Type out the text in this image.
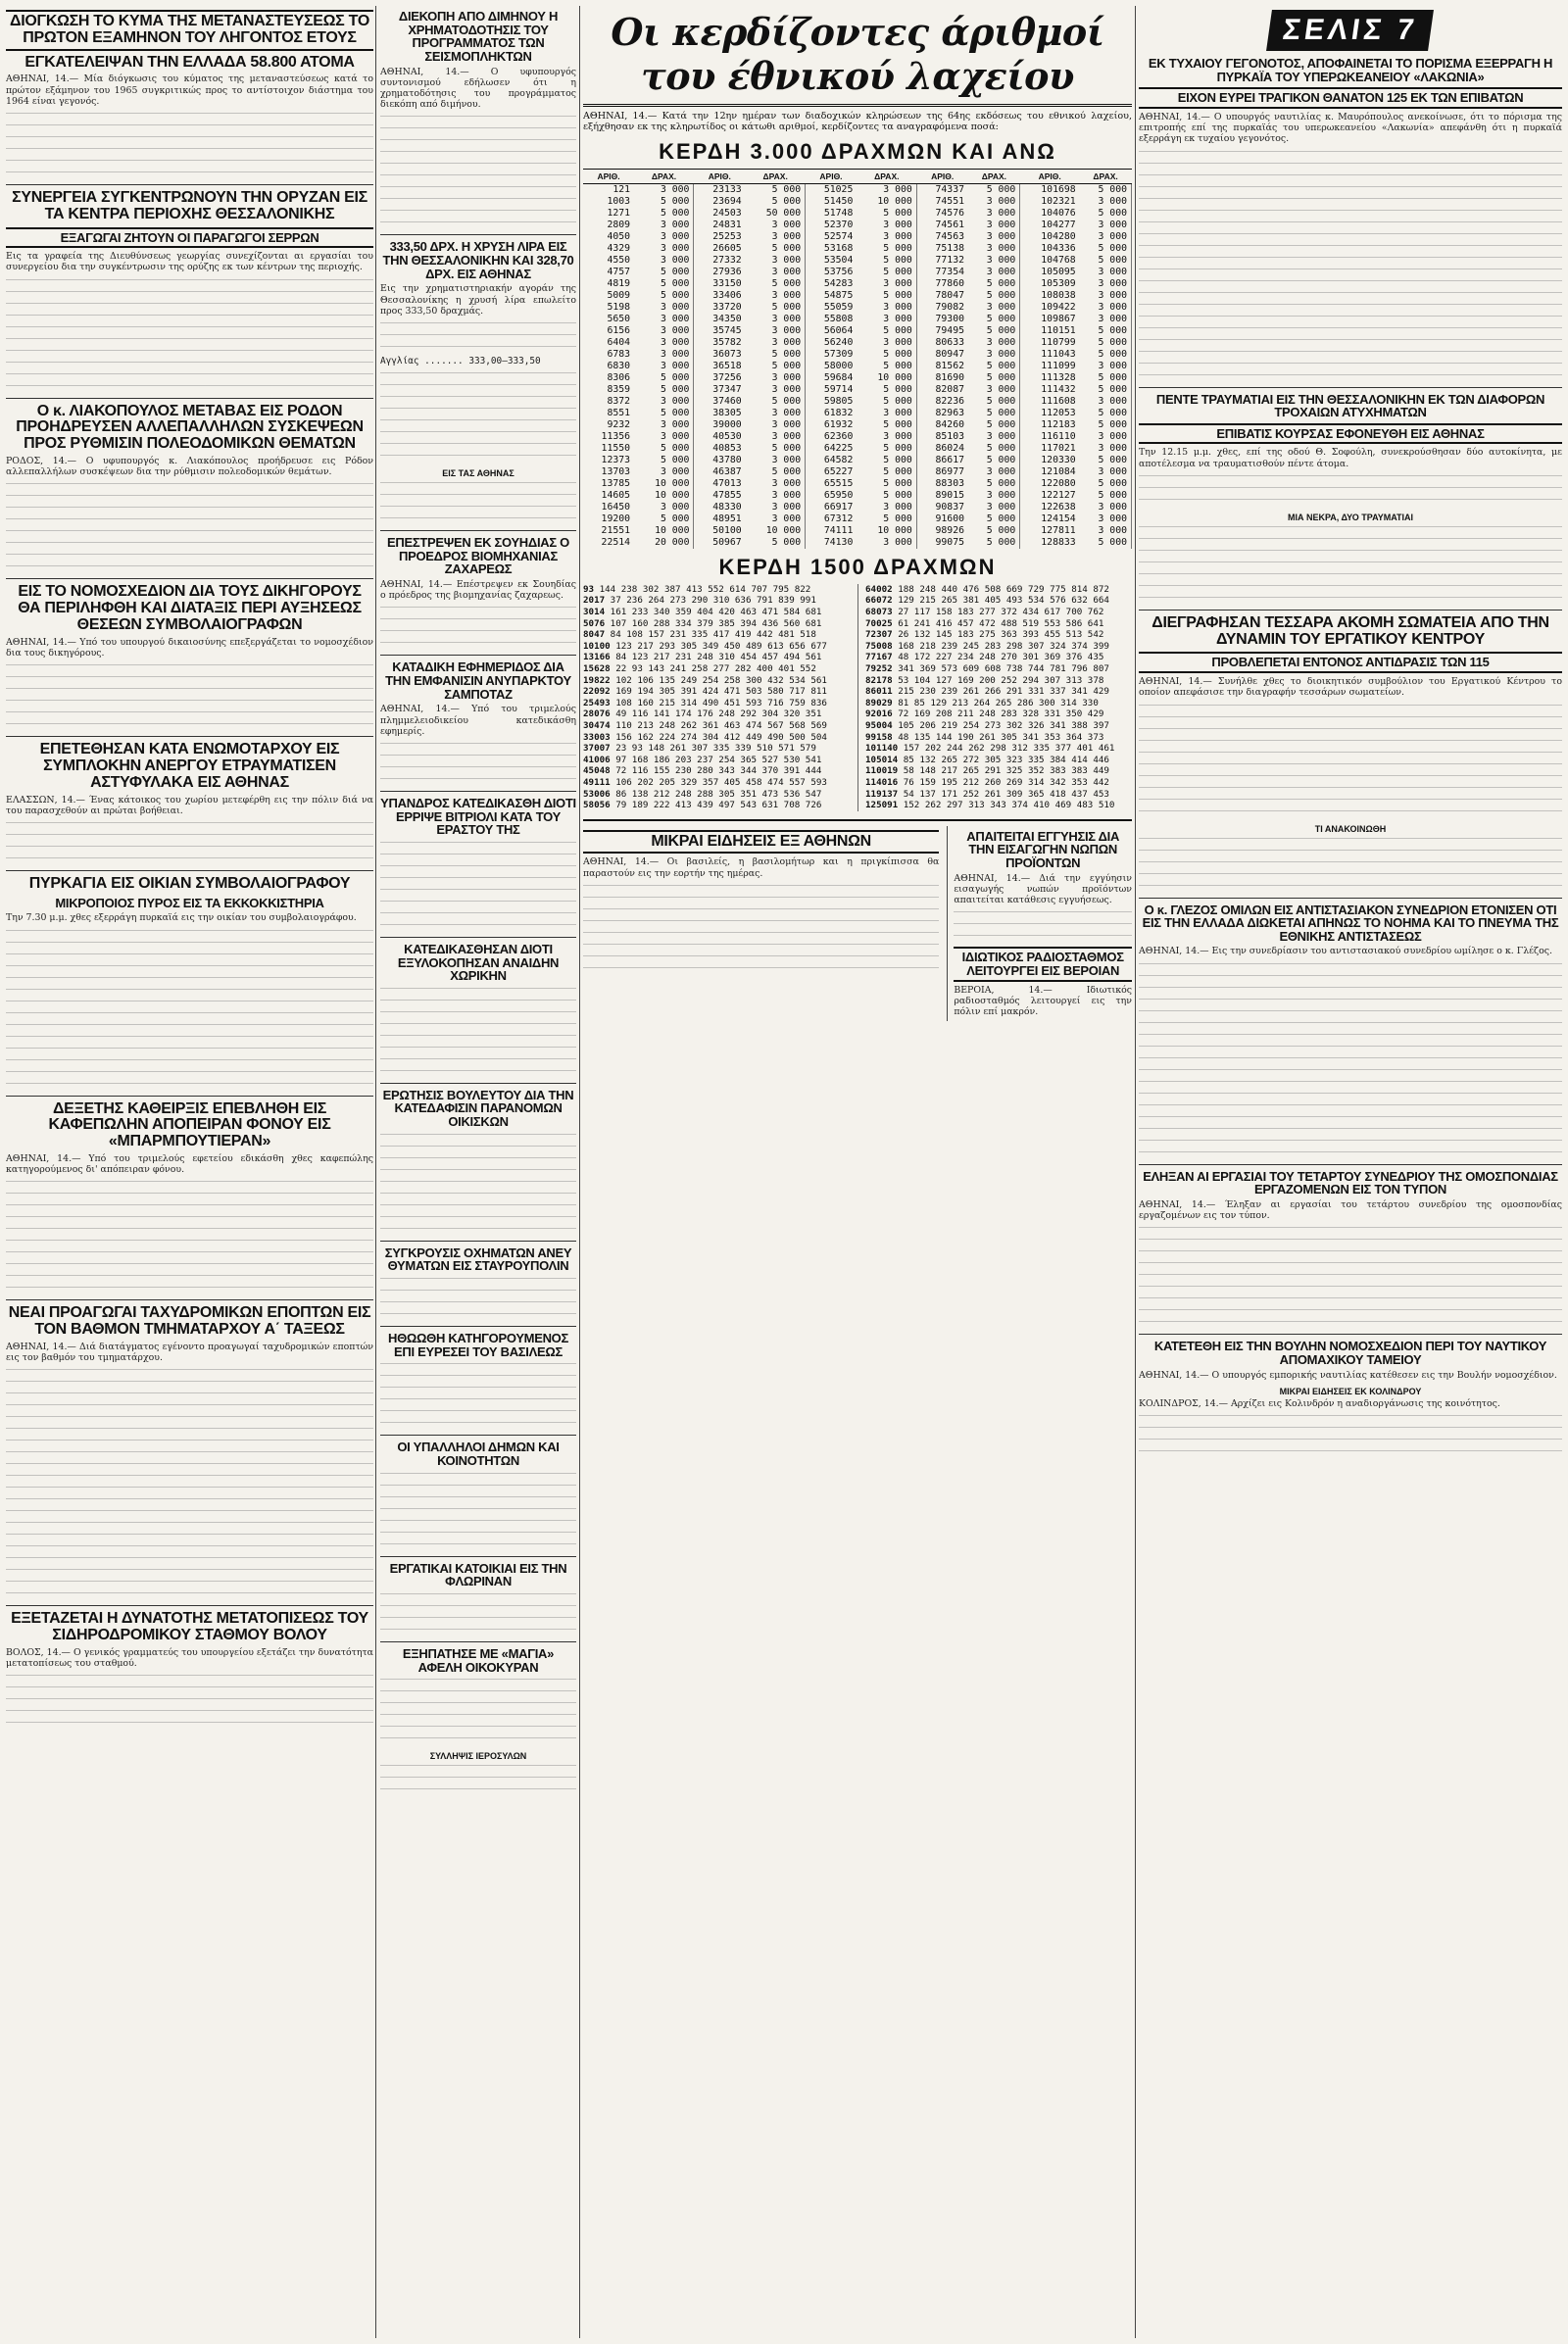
ΔΙΟΓΚΩΣΗ ΤΟ ΚΥΜΑ ΤΗΣ ΜΕΤΑΝΑΣΤΕΥΣΕΩΣ ΤΟ ΠΡΩΤΟΝ ΕΞΑΜΗΝΟΝ ΤΟΥ ΛΗΓΟΝΤΟΣ ΕΤΟΥΣ
ΕΓΚΑΤΕΛΕΙΨΑΝ ΤΗΝ ΕΛΛΑΔΑ 58.800 ΑΤΟΜΑ

ΑΘΗΝΑΙ, 14.— Μία διόγκωσις του κύματος της μεταναστεύσεως κατά το πρώτον εξάμηνον του 1965 συγκριτικώς προς το αντίστοιχον διάστημα του 1964 είναι γεγονός.

ΣΥΝΕΡΓΕΙΑ ΣΥΓΚΕΝΤΡΩΝΟΥΝ ΤΗΝ ΟΡΥΖΑΝ ΕΙΣ ΤΑ ΚΕΝΤΡΑ ΠΕΡΙΟΧΗΣ ΘΕΣΣΑΛΟΝΙΚΗΣ
ΕΞΑΓΩΓΑΙ ΖΗΤΟΥΝ ΟΙ ΠΑΡΑΓΩΓΟΙ ΣΕΡΡΩΝ

Εις τα γραφεία της Διευθύνσεως γεωργίας συνεχίζονται αι εργασίαι του συνεργείου δια την συγκέντρωσιν της ορύζης εκ των κέντρων της περιοχής.

Ο κ. ΛΙΑΚΟΠΟΥΛΟΣ ΜΕΤΑΒΑΣ ΕΙΣ ΡΟΔΟΝ ΠΡΟΗΔΡΕΥΣΕΝ ΑΛΛΕΠΑΛΛΗΛΩΝ ΣΥΣΚΕΨΕΩΝ ΠΡΟΣ ΡΥΘΜΙΣΙΝ ΠΟΛΕΟΔΟΜΙΚΩΝ ΘΕΜΑΤΩΝ

ΡΟΔΟΣ, 14.— Ο υφυπουργός κ. Λιακόπουλος προήδρευσε εις Ρόδον αλλεπαλλήλων συσκέψεων δια την ρύθμισιν πολεοδομικών θεμάτων.

ΕΙΣ ΤΟ ΝΟΜΟΣΧΕΔΙΟΝ ΔΙΑ ΤΟΥΣ ΔΙΚΗΓΟΡΟΥΣ ΘΑ ΠΕΡΙΛΗΦΘΗ ΚΑΙ ΔΙΑΤΑΞΙΣ ΠΕΡΙ ΑΥΞΗΣΕΩΣ ΘΕΣΕΩΝ ΣΥΜΒΟΛΑΙΟΓΡΑΦΩΝ

ΑΘΗΝΑΙ, 14.— Υπό του υπουργού δικαιοσύνης επεξεργάζεται το νομοσχέδιον δια τους δικηγόρους.

ΕΠΕΤΕΘΗΣΑΝ ΚΑΤΑ ΕΝΩΜΟΤΑΡΧΟΥ ΕΙΣ ΣΥΜΠΛΟΚΗΝ ΑΝΕΡΓΟΥ ΕΤΡΑΥΜΑΤΙΣΕΝ ΑΣΤΥΦΥΛΑΚΑ ΕΙΣ ΑΘΗΝΑΣ

ΕΛΑΣΣΩΝ, 14.— Ένας κάτοικος του χωρίου μετεφέρθη εις την πόλιν διά να του παρασχεθούν αι πρώται βοήθειαι.

ΠΥΡΚΑΓΙΑ ΕΙΣ ΟΙΚΙΑΝ ΣΥΜΒΟΛΑΙΟΓΡΑΦΟΥ
ΜΙΚΡΟΠΟΙΟΣ ΠΥΡΟΣ ΕΙΣ ΤΑ ΕΚΚΟΚΚΙΣΤΗΡΙΑ

Την 7.30 μ.μ. χθες εξερράγη πυρκαϊά εις την οικίαν του συμβολαιογράφου.

ΔΕΞΕΤΗΣ ΚΑΘΕΙΡΞΙΣ ΕΠΕΒΛΗΘΗ ΕΙΣ ΚΑΦΕΠΩΛΗΝ ΑΠΟΠΕΙΡΑΝ ΦΟΝΟΥ ΕΙΣ «ΜΠΑΡΜΠΟΥΤΙΕΡΑΝ»

ΑΘΗΝΑΙ, 14.— Υπό του τριμελούς εφετείου εδικάσθη χθες καφεπώλης κατηγορούμενος δι' απόπειραν φόνου.

ΝΕΑΙ ΠΡΟΑΓΩΓΑΙ ΤΑΧΥΔΡΟΜΙΚΩΝ ΕΠΟΠΤΩΝ ΕΙΣ ΤΟΝ ΒΑΘΜΟΝ ΤΜΗΜΑΤΑΡΧΟΥ Α΄ ΤΑΞΕΩΣ

ΑΘΗΝΑΙ, 14.— Διά διατάγματος εγένοντο προαγωγαί ταχυδρομικών εποπτών εις τον βαθμόν του τμηματάρχου.

ΕΞΕΤΑΖΕΤΑΙ Η ΔΥΝΑΤΟΤΗΣ ΜΕΤΑΤΟΠΙΣΕΩΣ ΤΟΥ ΣΙΔΗΡΟΔΡΟΜΙΚΟΥ ΣΤΑΘΜΟΥ ΒΟΛΟΥ

ΒΟΛΟΣ, 14.— Ο γενικός γραμματεύς του υπουργείου εξετάζει την δυνατότητα μετατοπίσεως του σταθμού.

ΔΙΕΚΟΠΗ ΑΠΟ ΔΙΜΗΝΟΥ Η ΧΡΗΜΑΤΟΔΟΤΗΣΙΣ ΤΟΥ ΠΡΟΓΡΑΜΜΑΤΟΣ ΤΩΝ ΣΕΙΣΜΟΠΛΗΚΤΩΝ

ΑΘΗΝΑΙ, 14.— Ο υφυπουργός συντονισμού εδήλωσεν ότι η χρηματοδότησις του προγράμματος διεκόπη από διμήνου.

333,50 ΔΡΧ. Η ΧΡΥΣΗ ΛΙΡΑ ΕΙΣ ΤΗΝ ΘΕΣΣΑΛΟΝΙΚΗΝ ΚΑΙ 328,70 ΔΡΧ. ΕΙΣ ΑΘΗΝΑΣ

Εις την χρηματιστηριακήν αγοράν της Θεσσαλονίκης η χρυσή λίρα επωλείτο προς 333,50 δραχμάς.

Αγγλίας ....... 333,00—333,50

ΕΙΣ ΤΑΣ ΑΘΗΝΑΣ
ΕΠΕΣΤΡΕΨΕΝ ΕΚ ΣΟΥΗΔΙΑΣ Ο ΠΡΟΕΔΡΟΣ ΒΙΟΜΗΧΑΝΙΑΣ ΖΑΧΑΡΕΩΣ

ΑΘΗΝΑΙ, 14.— Επέστρεψεν εκ Σουηδίας ο πρόεδρος της βιομηχανίας ζαχαρεως.

ΚΑΤΑΔΙΚΗ ΕΦΗΜΕΡΙΔΟΣ ΔΙΑ ΤΗΝ ΕΜΦΑΝΙΣΙΝ ΑΝΥΠΑΡΚΤΟΥ ΣΑΜΠΟΤΑΖ

ΑΘΗΝΑΙ, 14.— Υπό του τριμελούς πλημμελειοδικείου κατεδικάσθη εφημερίς.

ΥΠΑΝΔΡΟΣ ΚΑΤΕΔΙΚΑΣΘΗ ΔΙΟΤΙ ΕΡΡΙΨΕ ΒΙΤΡΙΟΛΙ ΚΑΤΑ ΤΟΥ ΕΡΑΣΤΟΥ ΤΗΣ
ΚΑΤΕΔΙΚΑΣΘΗΣΑΝ ΔΙΟΤΙ ΕΞΥΛΟΚΟΠΗΣΑΝ ΑΝΑΙΔΗΝ ΧΩΡΙΚΗΝ
ΕΡΩΤΗΣΙΣ ΒΟΥΛΕΥΤΟΥ ΔΙΑ ΤΗΝ ΚΑΤΕΔΑΦΙΣΙΝ ΠΑΡΑΝΟΜΩΝ ΟΙΚΙΣΚΩΝ
ΣΥΓΚΡΟΥΣΙΣ ΟΧΗΜΑΤΩΝ ΑΝΕΥ ΘΥΜΑΤΩΝ ΕΙΣ ΣΤΑΥΡΟΥΠΟΛΙΝ
ΗΘΩΩΘΗ ΚΑΤΗΓΟΡΟΥΜΕΝΟΣ ΕΠΙ ΕΥΡΕΣΕΙ ΤΟΥ ΒΑΣΙΛΕΩΣ
ΟΙ ΥΠΑΛΛΗΛΟΙ ΔΗΜΩΝ ΚΑΙ ΚΟΙΝΟΤΗΤΩΝ
ΕΡΓΑΤΙΚΑΙ ΚΑΤΟΙΚΙΑΙ ΕΙΣ ΤΗΝ ΦΛΩΡΙΝΑΝ
ΕΞΗΠΑΤΗΣΕ ΜΕ «ΜΑΓΙΑ» ΑΦΕΛΗ ΟΙΚΟΚΥΡΑΝ
ΣΥΛΛΗΨΙΣ ΙΕΡΟΣΥΛΩΝ
Οι κερδίζοντες άριθμοί του έθνικού λαχείου

ΑΘΗΝΑΙ, 14.— Κατά την 12ην ημέραν των διαδοχικών κληρώσεων της 64ης εκδόσεως του εθνικού λαχείου, εξήχθησαν εκ της κληρωτίδος οι κάτωθι αριθμοί, κερδίζοντες τα αναγραφόμενα ποσά:

ΚΕΡΔΗ 3.000 ΔΡΑΧΜΩΝ ΚΑΙ ΑΝΩ
ΑΡΙΘ.	ΔΡΑΧ.	ΑΡΙΘ.	ΔΡΑΧ.	ΑΡΙΘ.	ΔΡΑΧ.	ΑΡΙΘ.	ΔΡΑΧ.	ΑΡΙΘ.	ΔΡΑΧ.
121	3 000	23133	5 000	51025	3 000	74337	5 000	101698	5 000
1003	5 000	23694	5 000	51450	10 000	74551	3 000	102321	3 000
1271	5 000	24503	50 000	51748	5 000	74576	3 000	104076	5 000
2809	3 000	24831	3 000	52370	3 000	74561	3 000	104277	3 000
4050	3 000	25253	3 000	52574	3 000	74563	3 000	104280	3 000
4329	3 000	26605	5 000	53168	5 000	75138	3 000	104336	5 000
4550	3 000	27332	3 000	53504	5 000	77132	3 000	104768	5 000
4757	5 000	27936	3 000	53756	5 000	77354	3 000	105095	3 000
4819	5 000	33150	5 000	54283	3 000	77860	5 000	105309	3 000
5009	5 000	33406	3 000	54875	5 000	78047	5 000	108038	3 000
5198	3 000	33720	5 000	55059	3 000	79082	3 000	109422	3 000
5650	3 000	34350	3 000	55808	3 000	79300	5 000	109867	3 000
6156	3 000	35745	3 000	56064	5 000	79495	5 000	110151	5 000
6404	3 000	35782	3 000	56240	3 000	80633	3 000	110799	5 000
6783	3 000	36073	5 000	57309	5 000	80947	3 000	111043	5 000
6830	3 000	36518	5 000	58000	5 000	81562	5 000	111099	3 000
8306	5 000	37256	3 000	59684	10 000	81690	5 000	111328	5 000
8359	5 000	37347	3 000	59714	5 000	82087	3 000	111432	5 000
8372	3 000	37460	5 000	59805	5 000	82236	5 000	111608	3 000
8551	5 000	38305	3 000	61832	3 000	82963	5 000	112053	5 000
9232	3 000	39000	3 000	61932	5 000	84260	5 000	112183	5 000
11356	3 000	40530	3 000	62360	3 000	85103	3 000	116110	3 000
11550	5 000	40853	5 000	64225	5 000	86024	5 000	117021	3 000
12373	5 000	43780	3 000	64582	5 000	86617	5 000	120330	5 000
13703	3 000	46387	5 000	65227	5 000	86977	3 000	121084	3 000
13785	10 000	47013	3 000	65515	5 000	88303	5 000	122080	5 000
14605	10 000	47855	3 000	65950	5 000	89015	3 000	122127	5 000
16450	3 000	48330	3 000	66917	3 000	90837	3 000	122638	3 000
19200	5 000	48951	3 000	67312	5 000	91600	5 000	124154	3 000
21551	10 000	50100	10 000	74111	10 000	98926	5 000	127811	3 000
22514	20 000	50967	5 000	74130	3 000	99075	5 000	128833	5 000
ΚΕΡΔΗ 1500 ΔΡΑΧΜΩΝ
93 144 238 302 387 413 552 614 707 795 822
2017 37 236 264 273 290 310 636 791 839 991
3014 161 233 340 359 404 420 463 471 584 681
5076 107 160 288 334 379 385 394 436 560 681
8047 84 108 157 231 335 417 419 442 481 518
10100 123 217 293 305 349 450 489 613 656 677
13166 84 123 217 231 248 310 454 457 494 561
15628 22 93 143 241 258 277 282 400 401 552
19822 102 106 135 249 254 258 300 432 534 561
22092 169 194 305 391 424 471 503 580 717 811
25493 108 160 215 314 490 451 593 716 759 836
28076 49 116 141 174 176 248 292 304 320 351
30474 110 213 248 262 361 463 474 567 568 569
33003 156 162 224 274 304 412 449 490 500 504
37007 23 93 148 261 307 335 339 510 571 579
41006 97 168 186 203 237 254 365 527 530 541
45048 72 116 155 230 280 343 344 370 391 444
49111 106 202 205 329 357 405 458 474 557 593
53006 86 138 212 248 288 305 351 473 536 547
58056 79 189 222 413 439 497 543 631 708 726
64002 188 248 440 476 508 669 729 775 814 872
66072 129 215 265 381 405 493 534 576 632 664
68073 27 117 158 183 277 372 434 617 700 762
70025 61 241 416 457 472 488 519 553 586 641
72307 26 132 145 183 275 363 393 455 513 542
75008 168 218 239 245 283 298 307 324 374 399
77167 48 172 227 234 248 270 301 369 376 435
79252 341 369 573 609 608 738 744 781 796 807
82178 53 104 127 169 200 252 294 307 313 378
86011 215 230 239 261 266 291 331 337 341 429
89029 81 85 129 213 264 265 286 300 314 330
92016 72 169 208 211 248 283 328 331 350 429
95004 105 206 219 254 273 302 326 341 388 397
99158 48 135 144 190 261 305 341 353 364 373
101140 157 202 244 262 298 312 335 377 401 461
105014 85 132 265 272 305 323 335 384 414 446
110019 58 148 217 265 291 325 352 383 383 449
114016 76 159 195 212 260 269 314 342 353 442
119137 54 137 171 252 261 309 365 418 437 453
125091 152 262 297 313 343 374 410 469 483 510
ΜΙΚΡΑΙ ΕΙΔΗΣΕΙΣ ΕΞ ΑΘΗΝΩΝ

ΑΘΗΝΑΙ, 14.— Οι βασιλείς, η βασιλομήτωρ και η πριγκίπισσα θα παραστούν εις την εορτήν της ημέρας.

ΑΠΑΙΤΕΙΤΑΙ ΕΓΓΥΗΣΙΣ ΔΙΑ ΤΗΝ ΕΙΣΑΓΩΓΗΝ ΝΩΠΩΝ ΠΡΟΪΟΝΤΩΝ

ΑΘΗΝΑΙ, 14.— Διά την εγγύησιν εισαγωγής νωπών προϊόντων απαιτείται κατάθεσις εγγυήσεως.

ΙΔΙΩΤΙΚΟΣ ΡΑΔΙΟΣΤΑΘΜΟΣ ΛΕΙΤΟΥΡΓΕΙ ΕΙΣ ΒΕΡΟΙΑΝ

ΒΕΡΟΙΑ, 14.— Ιδιωτικός ραδιοσταθμός λειτουργεί εις την πόλιν επί μακρόν.

ΣΕΛΙΣ 7
ΕΚ ΤΥΧΑΙΟΥ ΓΕΓΟΝΟΤΟΣ, ΑΠΟΦΑΙΝΕΤΑΙ ΤΟ ΠΟΡΙΣΜΑ ΕΞΕΡΡΑΓΗ Η ΠΥΡΚΑΪΑ ΤΟΥ ΥΠΕΡΩΚΕΑΝΕΙΟΥ «ΛΑΚΩΝΙΑ»
ΕΙΧΟΝ ΕΥΡΕΙ ΤΡΑΓΙΚΟΝ ΘΑΝΑΤΟΝ 125 ΕΚ ΤΩΝ ΕΠΙΒΑΤΩΝ

ΑΘΗΝΑΙ, 14.— Ο υπουργός ναυτιλίας κ. Μαυρόπουλος ανεκοίνωσε, ότι το πόρισμα της επιτροπής επί της πυρκαϊάς του υπερωκεανείου «Λακωνία» απεφάνθη ότι η πυρκαϊά εξερράγη εκ τυχαίου γεγονότος.

ΠΕΝΤΕ ΤΡΑΥΜΑΤΙΑΙ ΕΙΣ ΤΗΝ ΘΕΣΣΑΛΟΝΙΚΗΝ ΕΚ ΤΩΝ ΔΙΑΦΟΡΩΝ ΤΡΟΧΑΙΩΝ ΑΤΥΧΗΜΑΤΩΝ
ΕΠΙΒΑΤΙΣ ΚΟΥΡΣΑΣ ΕΦΟΝΕΥΘΗ ΕΙΣ ΑΘΗΝΑΣ

Την 12.15 μ.μ. χθες, επί της οδού Θ. Σοφούλη, συνεκρούσθησαν δύο αυτοκίνητα, με αποτέλεσμα να τραυματισθούν πέντε άτομα.

ΜΙΑ ΝΕΚΡΑ, ΔΥΟ ΤΡΑΥΜΑΤΙΑΙ
ΔΙΕΓΡΑΦΗΣΑΝ ΤΕΣΣΑΡΑ ΑΚΟΜΗ ΣΩΜΑΤΕΙΑ ΑΠΟ ΤΗΝ ΔΥΝΑΜΙΝ ΤΟΥ ΕΡΓΑΤΙΚΟΥ ΚΕΝΤΡΟΥ
ΠΡΟΒΛΕΠΕΤΑΙ ΕΝΤΟΝΟΣ ΑΝΤΙΔΡΑΣΙΣ ΤΩΝ 115

ΑΘΗΝΑΙ, 14.— Συνήλθε χθες το διοικητικόν συμβούλιον του Εργατικού Κέντρου το οποίον απεφάσισε την διαγραφήν τεσσάρων σωματείων.

ΤΙ ΑΝΑΚΟΙΝΩΘΗ
Ο κ. ΓΛΕΖΟΣ ΟΜΙΛΩΝ ΕΙΣ ΑΝΤΙΣΤΑΣΙΑΚΟΝ ΣΥΝΕΔΡΙΟΝ ΕΤΟΝΙΣΕΝ ΟΤΙ ΕΙΣ ΤΗΝ ΕΛΛΑΔΑ ΔΙΩΚΕΤΑΙ ΑΠΗΝΩΣ ΤΟ ΝΟΗΜΑ ΚΑΙ ΤΟ ΠΝΕΥΜΑ ΤΗΣ ΕΘΝΙΚΗΣ ΑΝΤΙΣΤΑΣΕΩΣ

ΑΘΗΝΑΙ, 14.— Εις την συνεδρίασιν του αντιστασιακού συνεδρίου ωμίλησε ο κ. Γλέζος.

ΕΛΗΞΑΝ ΑΙ ΕΡΓΑΣΙΑΙ ΤΟΥ ΤΕΤΑΡΤΟΥ ΣΥΝΕΔΡΙΟΥ ΤΗΣ ΟΜΟΣΠΟΝΔΙΑΣ ΕΡΓΑΖΟΜΕΝΩΝ ΕΙΣ ΤΟΝ ΤΥΠΟΝ

ΑΘΗΝΑΙ, 14.— Έληξαν αι εργασίαι του τετάρτου συνεδρίου της ομοσπονδίας εργαζομένων εις τον τύπον.

ΚΑΤΕΤΕΘΗ ΕΙΣ ΤΗΝ ΒΟΥΛΗΝ ΝΟΜΟΣΧΕΔΙΟΝ ΠΕΡΙ ΤΟΥ ΝΑΥΤΙΚΟΥ ΑΠΟΜΑΧΙΚΟΥ ΤΑΜΕΙΟΥ

ΑΘΗΝΑΙ, 14.— Ο υπουργός εμπορικής ναυτιλίας κατέθεσεν εις την Βουλήν νομοσχέδιον.

ΜΙΚΡΑΙ ΕΙΔΗΣΕΙΣ ΕΚ ΚΟΛΙΝΔΡΟΥ

ΚΟΛΙΝΔΡΟΣ, 14.— Αρχίζει εις Κολινδρόν η αναδιοργάνωσις της κοινότητος.
